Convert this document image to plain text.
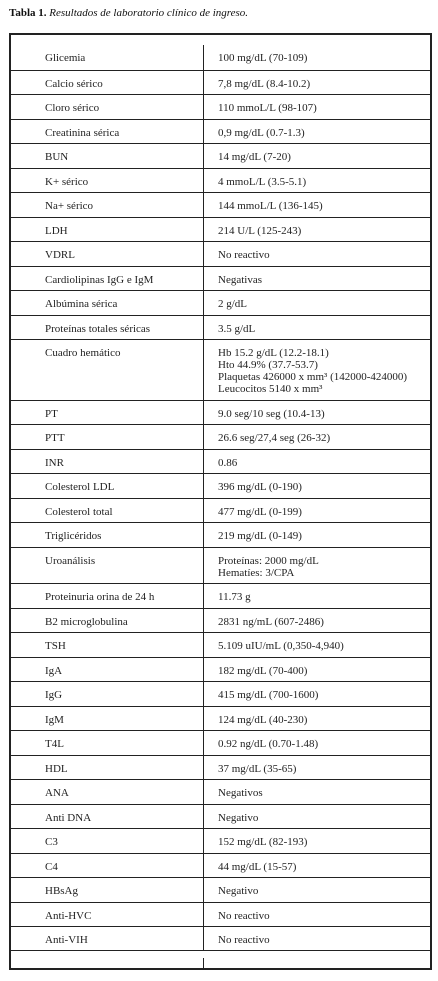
Tabla 1. Resultados de laboratorio clínico de ingreso.
Glicemia	100 mg/dL (70-109)
Calcio sérico	7,8 mg/dL (8.4-10.2)
Cloro sérico	110 mmoL/L (98-107)
Creatinina sérica	0,9 mg/dL (0.7-1.3)
BUN	14 mg/dL (7-20)
K+ sérico	4 mmoL/L (3.5-5.1)
Na+ sérico	144 mmoL/L (136-145)
LDH	214 U/L (125-243)
VDRL	No reactivo
Cardiolipinas IgG e IgM	Negativas
Albúmina sérica	2 g/dL
Proteínas totales séricas	3.5 g/dL
Cuadro hemático	Hb 15.2 g/dL (12.2-18.1)
Hto 44.9% (37.7-53.7)
Plaquetas 426000 x mm³ (142000-424000)
Leucocitos 5140 x mm³
PT	9.0 seg/10 seg (10.4-13)
PTT	26.6 seg/27,4 seg (26-32)
INR	0.86
Colesterol LDL	396 mg/dL (0-190)
Colesterol total	477 mg/dL (0-199)
Triglicéridos	219 mg/dL (0-149)
Uroanálisis	Proteínas: 2000 mg/dL
Hematíes: 3/CPA
Proteinuria orina de 24 h	11.73 g
B2 microglobulina	2831 ng/mL (607-2486)
TSH	5.109 uIU/mL (0,350-4,940)
IgA	182 mg/dL (70-400)
IgG	415 mg/dL (700-1600)
IgM	124 mg/dL (40-230)
T4L	0.92 ng/dL (0.70-1.48)
HDL	37 mg/dL (35-65)
ANA	Negativos
Anti DNA	Negativo
C3	152 mg/dL (82-193)
C4	44 mg/dL (15-57)
HBsAg	Negativo
Anti-HVC	No reactivo
Anti-VIH	No reactivo
